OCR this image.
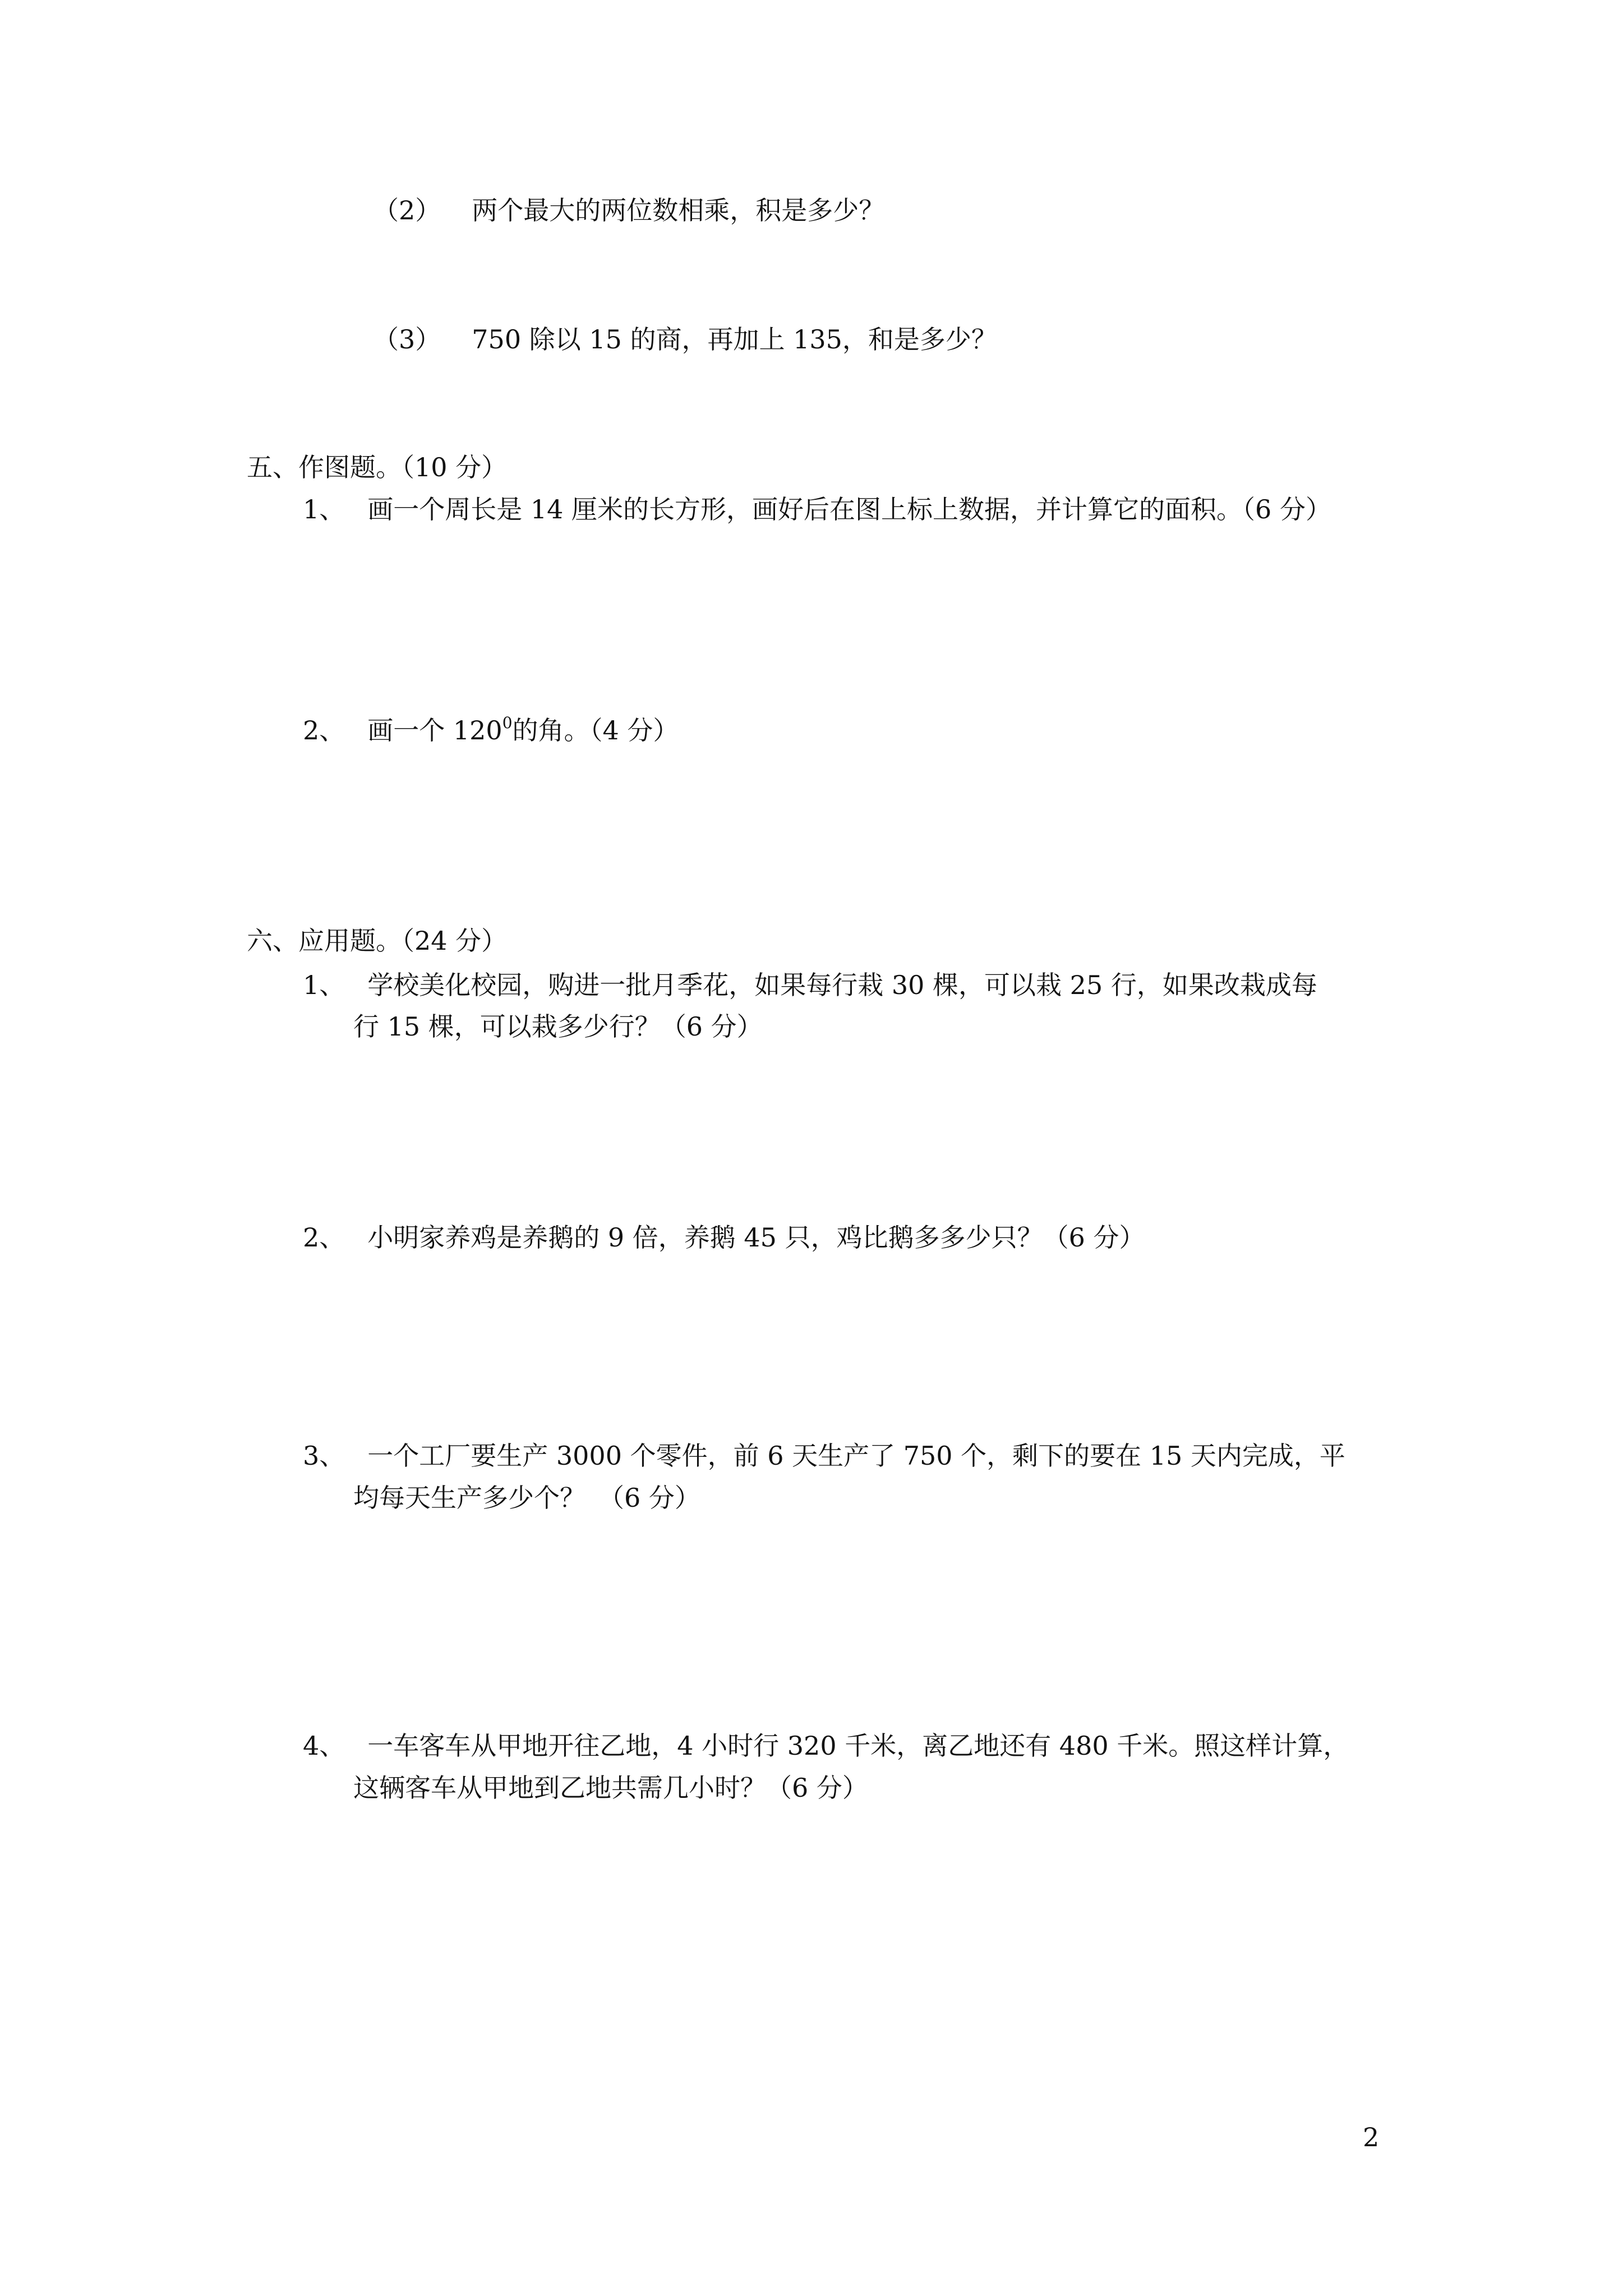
（2） 两个最大的两位数相乘，积是多少？
（3） 750 除以 15 的商，再加上 135，和是多少？
五、作图题。（10 分）
1、 画一个周长是 14 厘米的长方形，画好后在图上标上数据，并计算它的面积。（6 分）
2、 画一个 $120^0$的角。（4 分）
六、应用题。（24 分）
1、 学校美化校园，购进一批月季花，如果每行栽 30 棵，可以栽 25 行，如果改栽成每
行 15 棵，可以栽多少行？（6 分）
2、 小明家养鸡是养鹅的 9 倍，养鹅 45 只，鸡比鹅多多少只？（6 分）
3、 一个工厂要生产 3000 个零件，前 6 天生产了 750 个，剩下的要在 15 天内完成，平
均每天生产多少个？　（6 分）
4、 一车客车从甲地开往乙地，4 小时行 320 千米，离乙地还有 480 千米。照这样计算，
这辆客车从甲地到乙地共需几小时？（6 分）
2
